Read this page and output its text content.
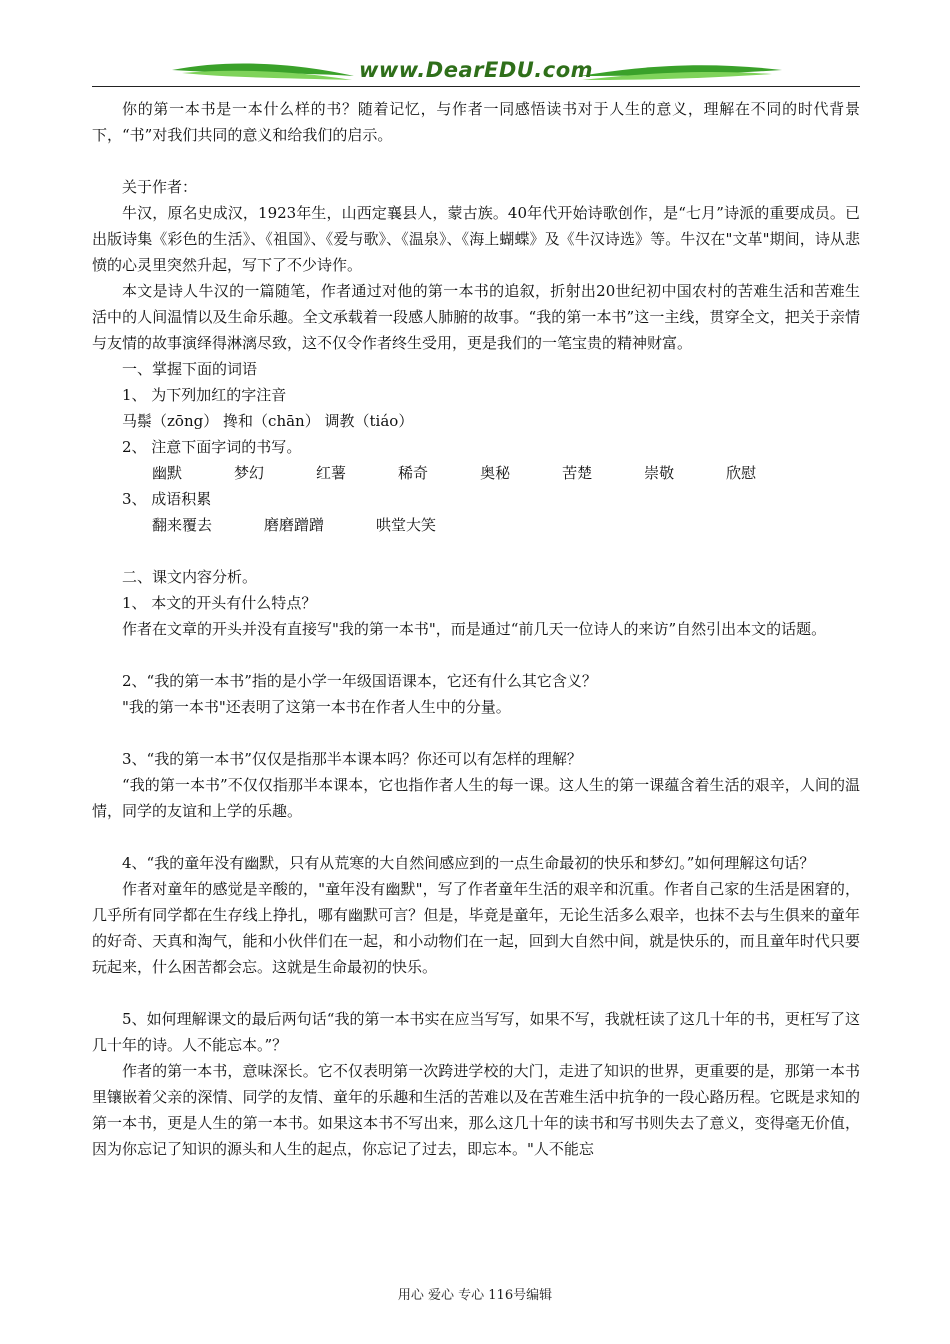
www.DearEDU.com

你的第一本书是一本什么样的书？随着记忆，与作者一同感悟读书对于人生的意义，理解在不同的时代背景下，“书”对我们共同的意义和给我们的启示。

关于作者：

牛汉，原名史成汉，1923年生，山西定襄县人，蒙古族。40年代开始诗歌创作，是“七月”诗派的重要成员。已出版诗集《彩色的生活》、《祖国》、《爱与歌》、《温泉》、《海上蝴蝶》及《牛汉诗选》等。牛汉在"文革"期间，诗从悲愤的心灵里突然升起，写下了不少诗作。

本文是诗人牛汉的一篇随笔，作者通过对他的第一本书的追叙，折射出20世纪初中国农村的苦难生活和苦难生活中的人间温情以及生命乐趣。全文承载着一段感人肺腑的故事。“我的第一本书”这一主线，贯穿全文，把关于亲情与友情的故事演绎得淋漓尽致，这不仅令作者终生受用，更是我们的一笔宝贵的精神财富。

一、掌握下面的词语

1、 为下列加红的字注音

马鬃（zōng） 搀和（chān） 调教（tiáo）

2、 注意下面字词的书写。

幽默	梦幻	红薯	稀奇	奥秘	苦楚	崇敬	欣慰

3、 成语积累

翻来覆去	磨磨蹭蹭	哄堂大笑

二、课文内容分析。

1、 本文的开头有什么特点？

作者在文章的开头并没有直接写"我的第一本书"，而是通过“前几天一位诗人的来访”自然引出本文的话题。

2、“我的第一本书”指的是小学一年级国语课本，它还有什么其它含义？

"我的第一本书"还表明了这第一本书在作者人生中的分量。

3、“我的第一本书”仅仅是指那半本课本吗？你还可以有怎样的理解？

“我的第一本书”不仅仅指那半本课本，它也指作者人生的每一课。这人生的第一课蕴含着生活的艰辛，人间的温情，同学的友谊和上学的乐趣。

4、“我的童年没有幽默，只有从荒寒的大自然间感应到的一点生命最初的快乐和梦幻。”如何理解这句话？

作者对童年的感觉是辛酸的，"童年没有幽默"，写了作者童年生活的艰辛和沉重。作者自己家的生活是困窘的，几乎所有同学都在生存线上挣扎，哪有幽默可言？但是，毕竟是童年，无论生活多么艰辛，也抹不去与生俱来的童年的好奇、天真和淘气，能和小伙伴们在一起，和小动物们在一起，回到大自然中间，就是快乐的，而且童年时代只要玩起来，什么困苦都会忘。这就是生命最初的快乐。

5、如何理解课文的最后两句话“我的第一本书实在应当写写，如果不写，我就枉读了这几十年的书，更枉写了这几十年的诗。人不能忘本。”？

作者的第一本书，意味深长。它不仅表明第一次跨进学校的大门，走进了知识的世界，更重要的是，那第一本书里镶嵌着父亲的深情、同学的友情、童年的乐趣和生活的苦难以及在苦难生活中抗争的一段心路历程。它既是求知的第一本书，更是人生的第一本书。如果这本书不写出来，那么这几十年的读书和写书则失去了意义，变得毫无价值，因为你忘记了知识的源头和人生的起点，你忘记了过去，即忘本。"人不能忘

用心 爱心 专心 116号编辑
